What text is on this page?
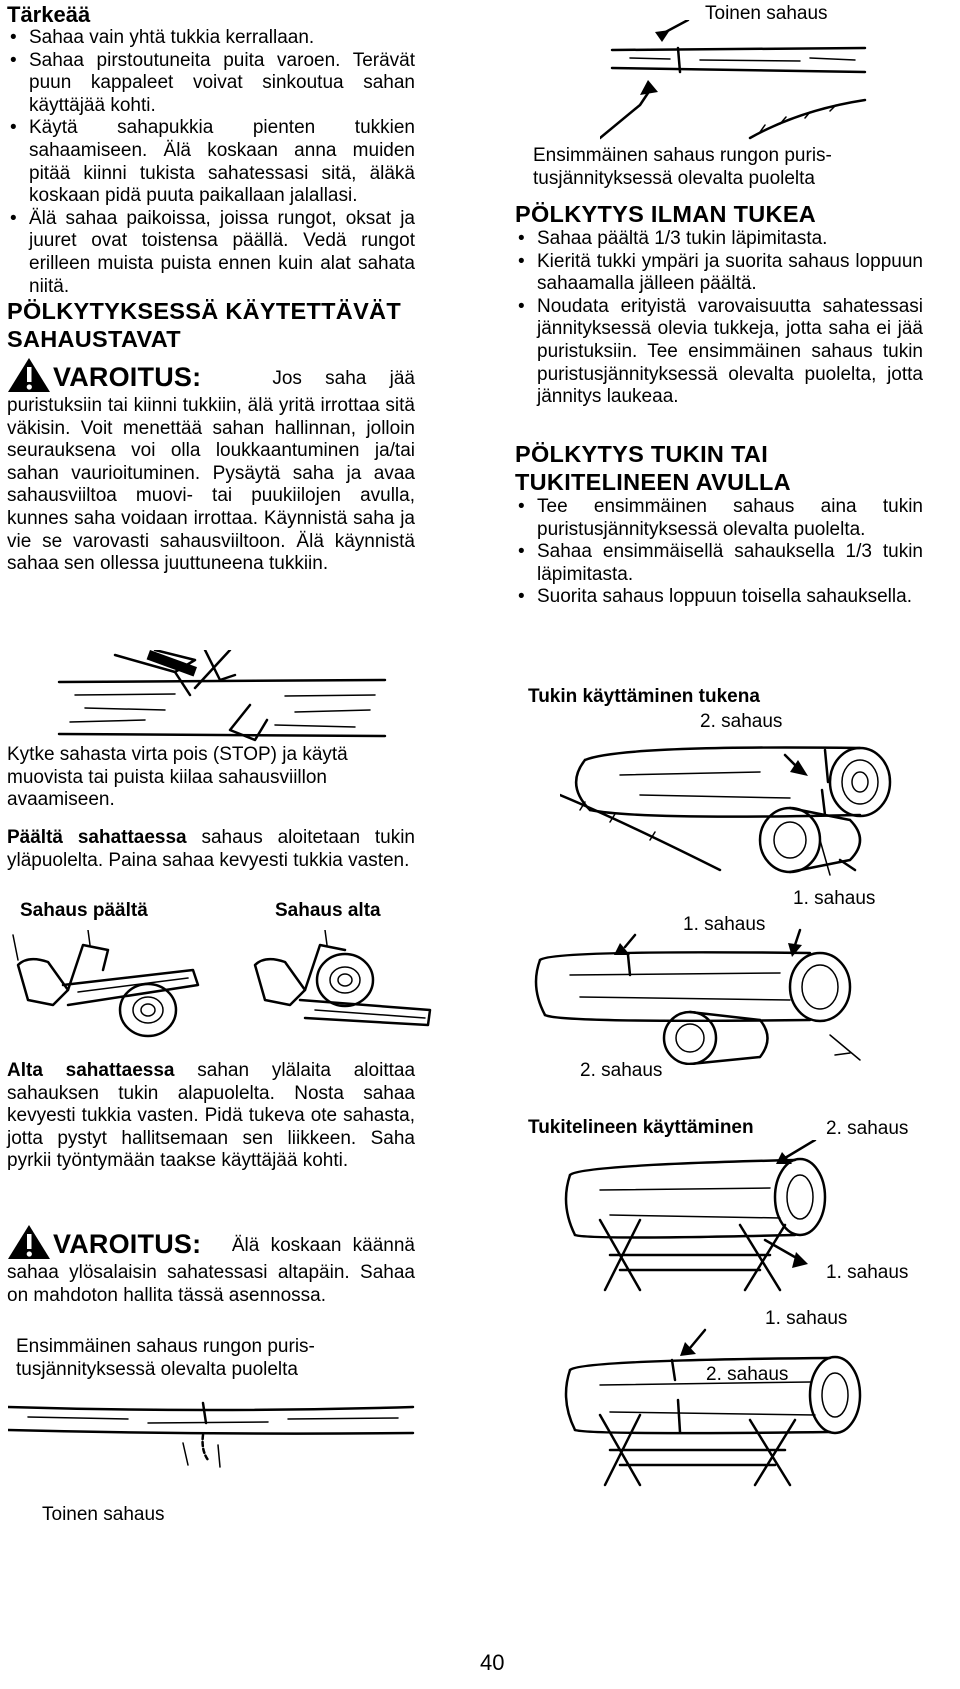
Tärkeää

• Sahaa vain yhtä tukkia kerrallaan.
• Sahaa pirstoutuneita puita varoen. Terävät puun kappaleet voivat sinkoutua sahan käyttäjää kohti.
• Käytä sahapukkia pienten tukkien sahaamiseen. Älä koskaan anna muiden pitää kiinni tukista sahatessasi sitä, äläkä koskaan pidä puuta paikallaan jalallasi.
• Älä sahaa paikoissa, joissa rungot, oksat ja juuret ovat toistensa päällä. Vedä rungot erilleen muista puista ennen kuin alat sahata niitä.

PÖLKYTYKSESSÄ KÄYTETTÄVÄT

SAHAUSTAVAT

VAROITUS:	Jos saha jää
puristuksiin tai kiinni tukkiin, älä yritä irrottaa sitä väkisin. Voit menettää sahan hallinnan, jolloin seurauksena voi olla loukkaantuminen ja/tai sahan vaurioituminen. Pysäytä saha ja avaa sahausviiltoa muovi- tai puukiilojen avulla, kunnes saha voidaan irrottaa. Käynnistä saha ja vie se varovasti sahausviiltoon. Älä käynnistä sahaa sen ollessa juuttuneena tukkiin.
Kytke sahasta virta pois (STOP) ja käytä muovista tai puista kiilaa sahausviillon avaamiseen.
Päältä sahattaessa sahaus aloitetaan tukin yläpuolelta. Paina sahaa kevyesti tukkia vasten.
Sahaus päältä	Sahaus alta
Alta sahattaessa sahan ylälaita aloittaa sahauksen tukin alapuolelta. Nosta sahaa kevyesti tukkia vasten. Pidä tukeva ote sahasta, jotta pystyt hallitsemaan sen liikkeen. Saha pyrkii työntymään taakse käyttäjää kohti.
VAROITUS:	Älä koskaan käännä
sahaa ylösalaisin sahatessasi altapäin. Sahaa on mahdoton hallita tässä asennossa.
Ensimmäinen sahaus rungon puris-
tusjännityksessä olevalta puolelta
Toinen sahaus
Toinen sahaus
Ensimmäinen sahaus rungon puris-
tusjännityksessä olevalta puolelta

PÖLKYTYS ILMAN TUKEA

• Sahaa päältä 1/3 tukin läpimitasta.
• Kieritä tukki ympäri ja suorita sahaus loppuun sahaamalla jälleen päältä.
• Noudata erityistä varovaisuutta sahatessasi jännityksessä olevia tukkeja, jotta saha ei jää puristuksiin. Tee ensimmäinen sahaus tukin puristusjännityksessä olevalta puolelta, jotta jännitys laukeaa.

PÖLKYTYS TUKIN TAI

TUKITELINEEN AVULLA

• Tee ensimmäinen sahaus aina tukin puristusjännityksessä olevalta puolelta.
• Sahaa ensimmäisellä sahauksella 1/3 tukin läpimitasta.
• Suorita sahaus loppuun toisella sahauksella.
Tukin käyttäminen tukena
2. sahaus
1. sahaus
1. sahaus
2. sahaus
Tukitelineen käyttäminen	2. sahaus
1. sahaus
1. sahaus
2. sahaus
40
